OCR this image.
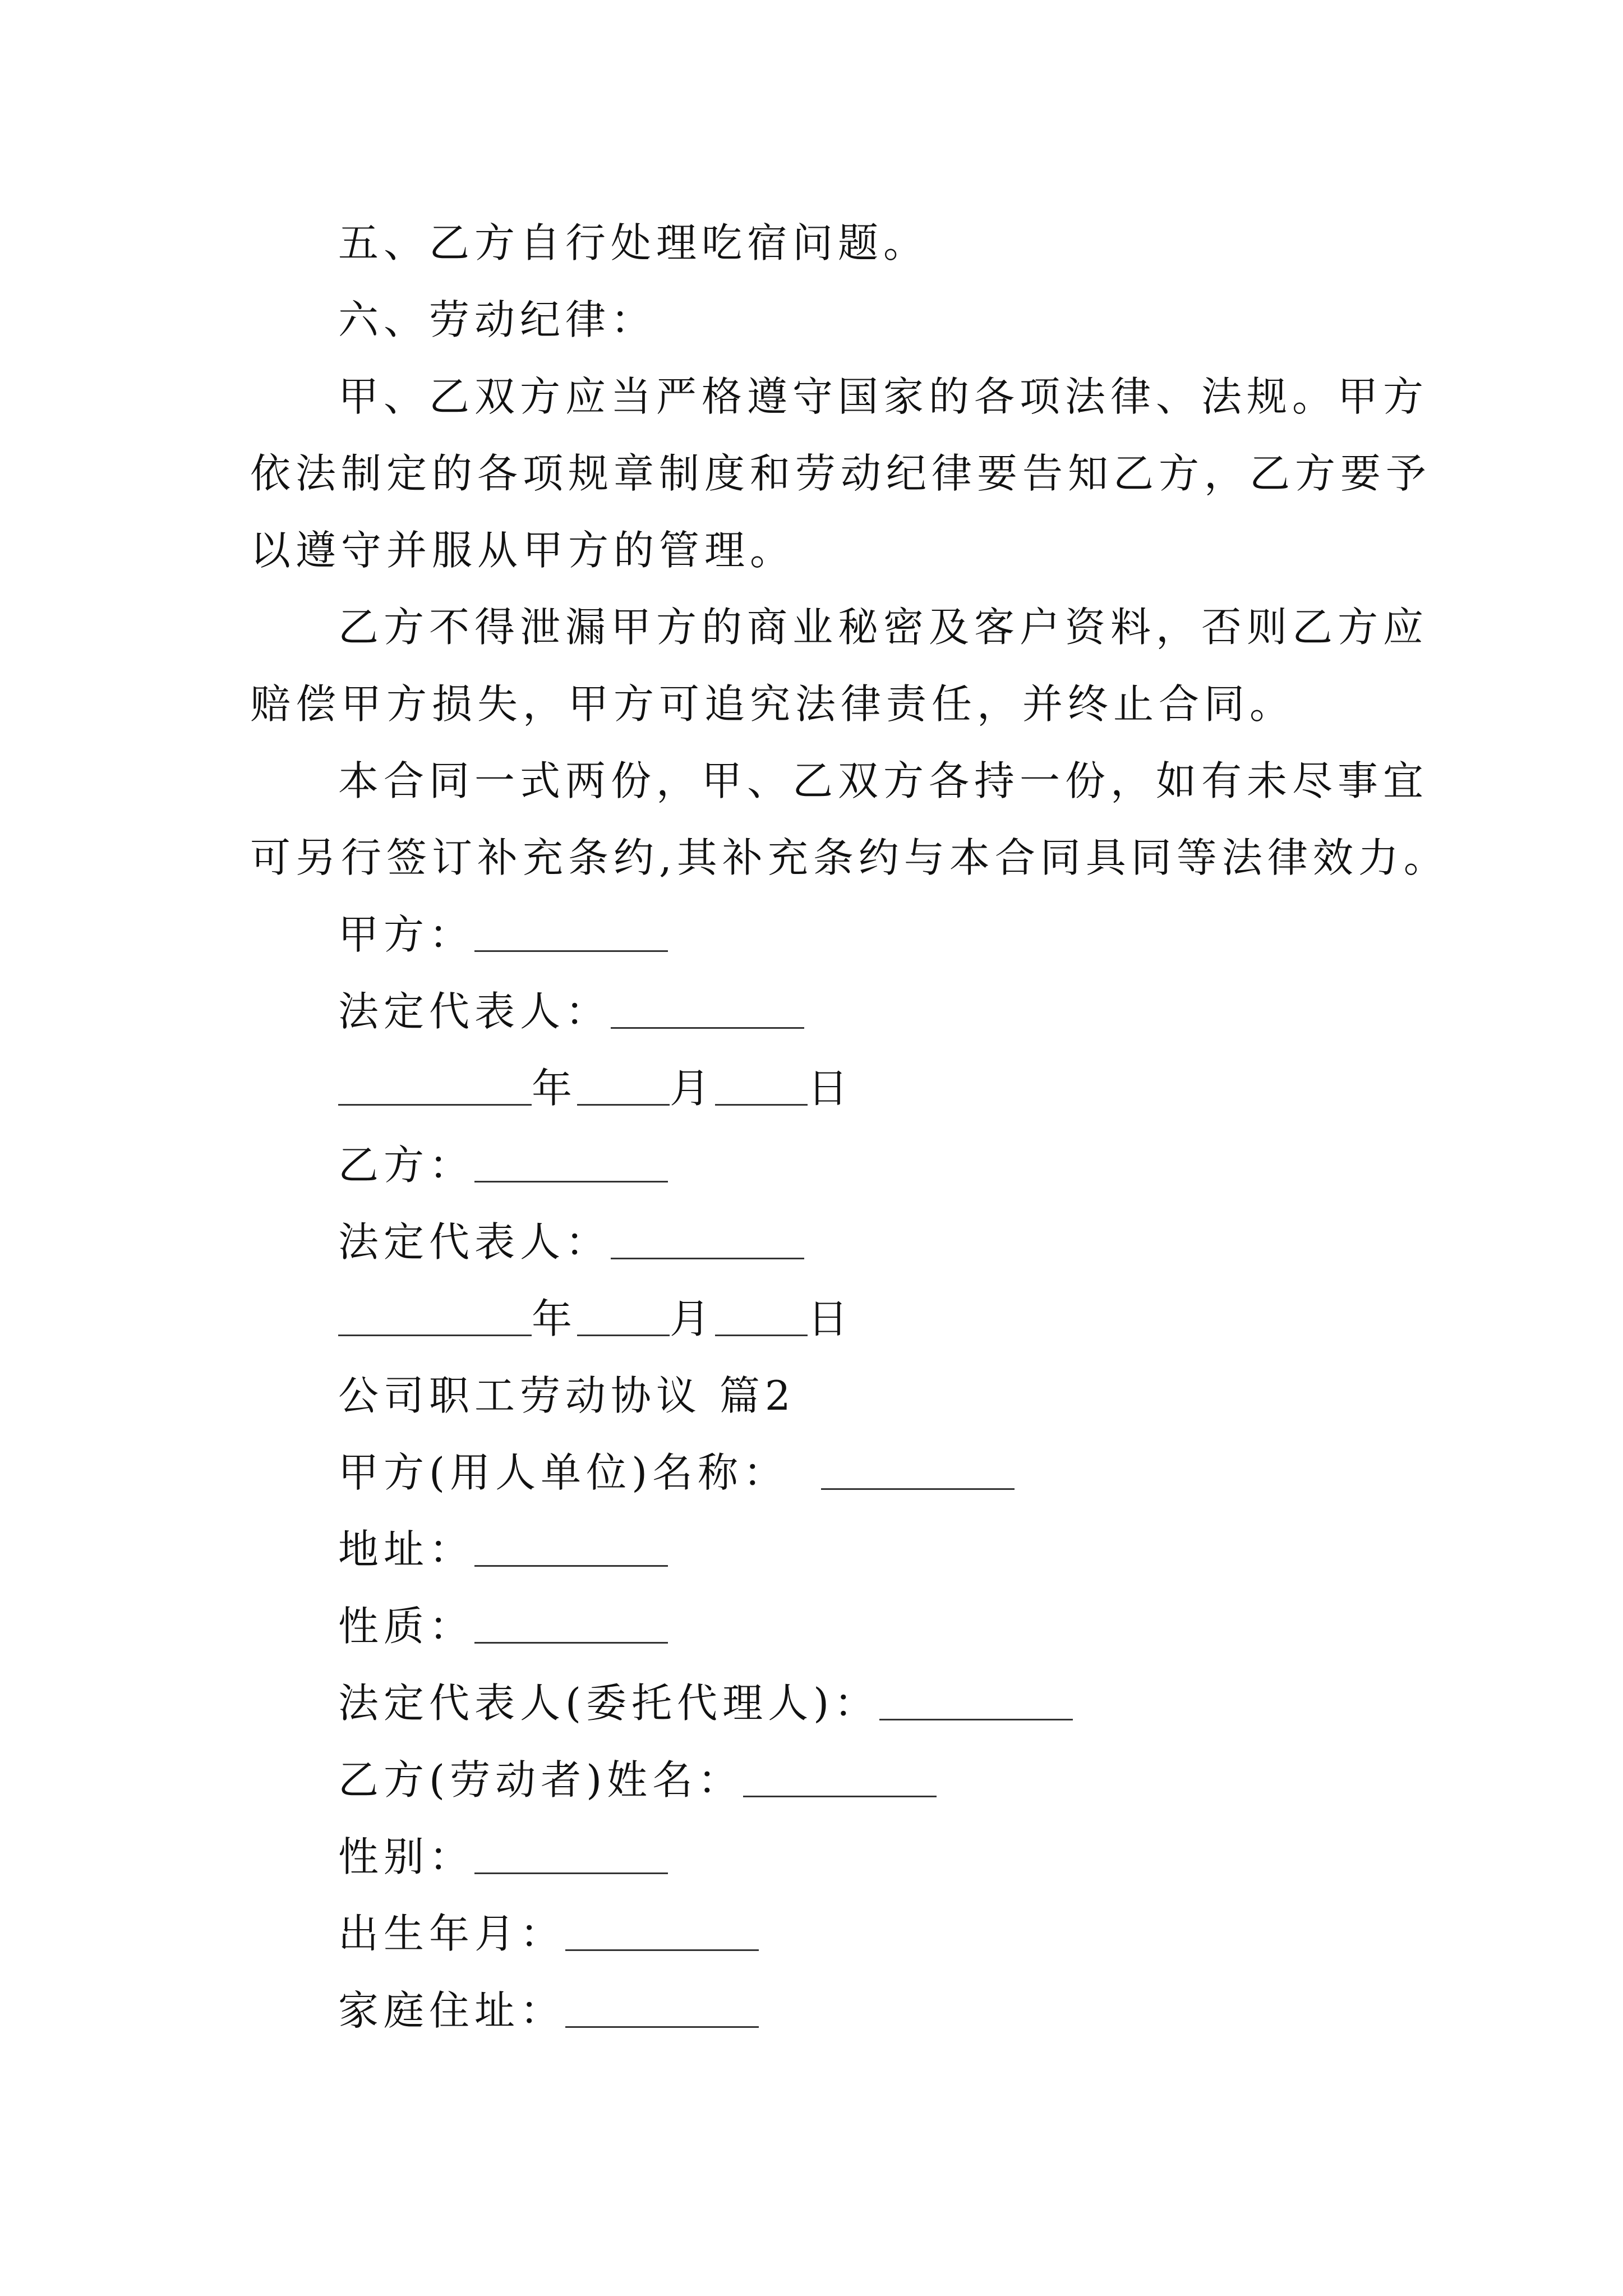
五、乙方自行处理吃宿问题。
六、劳动纪律：
甲、乙双方应当严格遵守国家的各项法律、法规。甲方
依法制定的各项规章制度和劳动纪律要告知乙方，乙方要予
以遵守并服从甲方的管理。
乙方不得泄漏甲方的商业秘密及客户资料，否则乙方应
赔偿甲方损失，甲方可追究法律责任，并终止合同。
本合同一式两份，甲、乙双方各持一份，如有未尽事宜
可另行签订补充条约,其补充条约与本合同具同等法律效力。
甲方：
法定代表人：
年 月 日
乙方：
法定代表人：
年 月 日
公司职工劳动协议 篇2
甲方(用人单位)名称：
地址：
性质：
法定代表人(委托代理人)：
乙方(劳动者)姓名：
性别：
出生年月：
家庭住址：
